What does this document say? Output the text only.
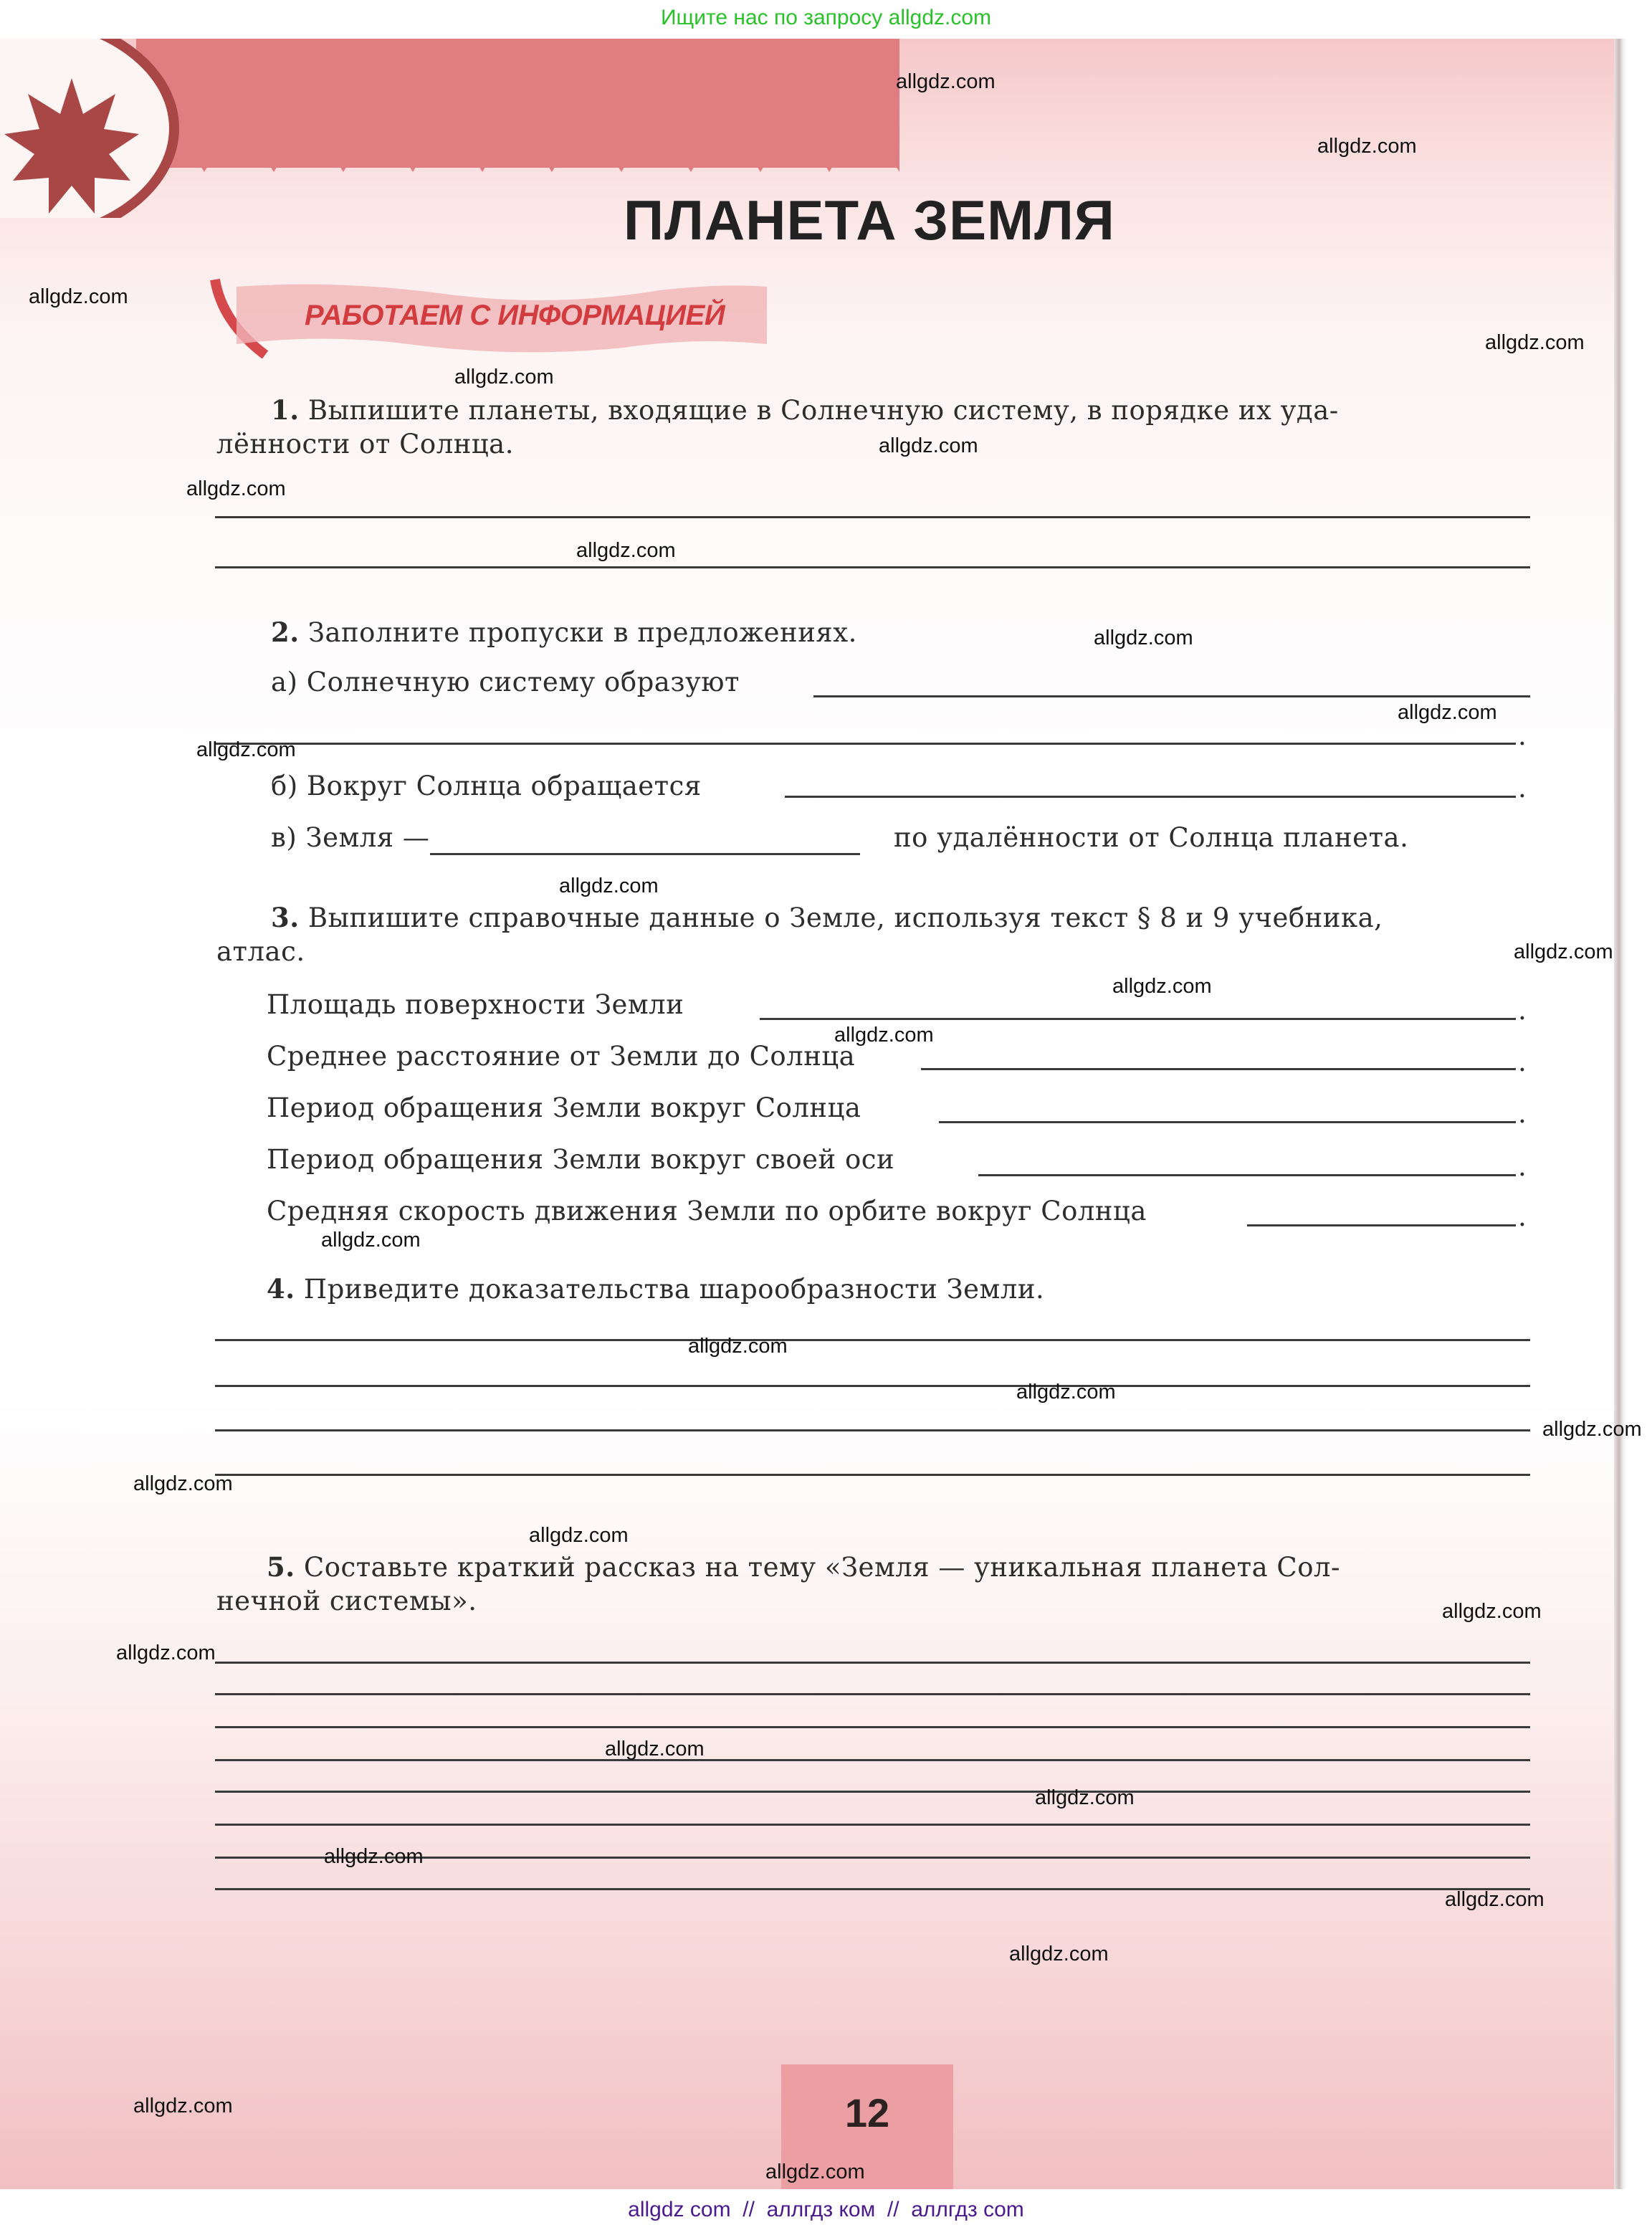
Ищите нас по запросу allgdz.com
ПЛАНЕТА ЗЕМЛЯ
РАБОТАЕМ С ИНФОРМАЦИЕЙ
1. Выпишите планеты, входящие в Солнечную систему, в порядке их уда-
лённости от Солнца.
2. Заполните пропуски в предложениях.
а) Солнечную систему образуют
.
б) Вокруг Солнца обращается	.
в) Земля —	по удалённости от Солнца планета.
3. Выпишите справочные данные о Земле, используя текст § 8 и 9 учебника,
атлас.
Площадь поверхности Земли	.
Среднее расстояние от Земли до Солнца	.
Период обращения Земли вокруг Солнца	.
Период обращения Земли вокруг своей оси	.
Средняя скорость движения Земли по орбите вокруг Солнца	.
4. Приведите доказательства шарообразности Земли.
5. Составьте краткий рассказ на тему «Земля — уникальная планета Сол-
нечной системы».
12
allgdz.com
allgdz.com
allgdz.com
allgdz.com
allgdz.com
allgdz.com
allgdz.com
allgdz.com
allgdz.com
allgdz.com
allgdz.com
allgdz.com
allgdz.com
allgdz.com
allgdz.com
allgdz.com
allgdz.com
allgdz.com
allgdz.com
allgdz.com
allgdz.com
allgdz.com
allgdz.com
allgdz.com
allgdz.com
allgdz.com
allgdz.com
allgdz.com
allgdz.com
allgdz.com
allgdz com  //  аллгдз ком  //  аллгдз com
